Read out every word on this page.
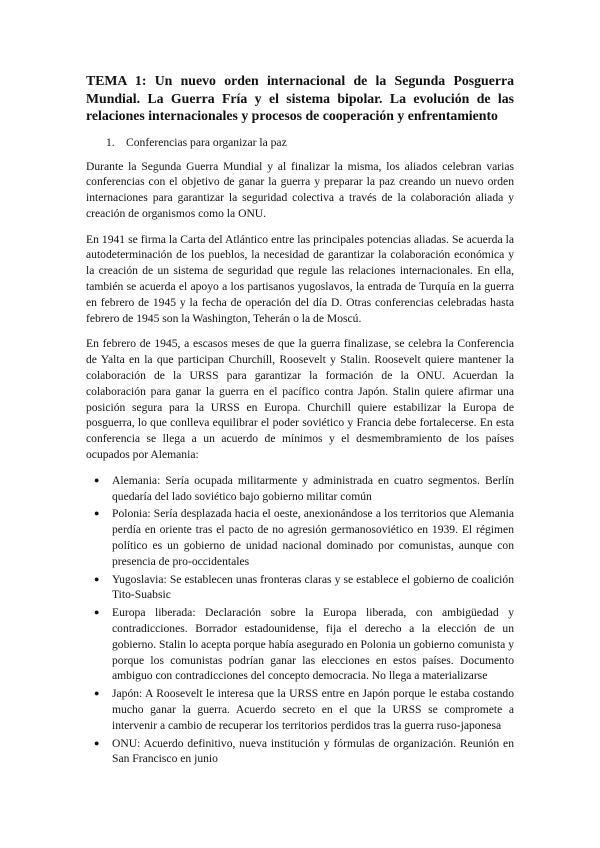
TEMA 1: Un nuevo orden internacional de la Segunda Posguerra Mundial. La Guerra Fría y el sistema bipolar. La evolución de las relaciones internacionales y procesos de cooperación y enfrentamiento
1. Conferencias para organizar la paz

Durante la Segunda Guerra Mundial y al finalizar la misma, los aliados celebran varias conferencias con el objetivo de ganar la guerra y preparar la paz creando un nuevo orden internaciones para garantizar la seguridad colectiva a través de la colaboración aliada y creación de organismos como la ONU.

En 1941 se firma la Carta del Atlántico entre las principales potencias aliadas. Se acuerda la autodeterminación de los pueblos, la necesidad de garantizar la colaboración económica y la creación de un sistema de seguridad que regule las relaciones internacionales. En ella, también se acuerda el apoyo a los partisanos yugoslavos, la entrada de Turquía en la guerra en febrero de 1945 y la fecha de operación del día D. Otras conferencias celebradas hasta febrero de 1945 son la Washington, Teherán o la de Moscú.

En febrero de 1945, a escasos meses de que la guerra finalizase, se celebra la Conferencia de Yalta en la que participan Churchill, Roosevelt y Stalin. Roosevelt quiere mantener la colaboración de la URSS para garantizar la formación de la ONU. Acuerdan la colaboración para ganar la guerra en el pacífico contra Japón. Stalin quiere afirmar una posición segura para la URSS en Europa. Churchill quiere estabilizar la Europa de posguerra, lo que conlleva equilibrar el poder soviético y Francia debe fortalecerse. En esta conferencia se llega a un acuerdo de mínimos y el desmembramiento de los países ocupados por Alemania:

● Alemania: Sería ocupada militarmente y administrada en cuatro segmentos. Berlín quedaría del lado soviético bajo gobierno militar común
● Polonia: Sería desplazada hacia el oeste, anexionándose a los territorios que Alemania perdía en oriente tras el pacto de no agresión germanosoviético en 1939. El régimen político es un gobierno de unidad nacional dominado por comunistas, aunque con presencia de pro-occidentales
● Yugoslavia: Se establecen unas fronteras claras y se establece el gobierno de coalición Tito-Suabsic
● Europa liberada: Declaración sobre la Europa liberada, con ambigüedad y contradicciones. Borrador estadounidense, fija el derecho a la elección de un gobierno. Stalin lo acepta porque había asegurado en Polonia un gobierno comunista y porque los comunistas podrían ganar las elecciones en estos países. Documento ambiguo con contradicciones del concepto democracia. No llega a materializarse
● Japón: A Roosevelt le interesa que la URSS entre en Japón porque le estaba costando mucho ganar la guerra. Acuerdo secreto en el que la URSS se compromete a intervenir a cambio de recuperar los territorios perdidos tras la guerra ruso-japonesa
● ONU: Acuerdo definitivo, nueva institución y fórmulas de organización. Reunión en San Francisco en junio
